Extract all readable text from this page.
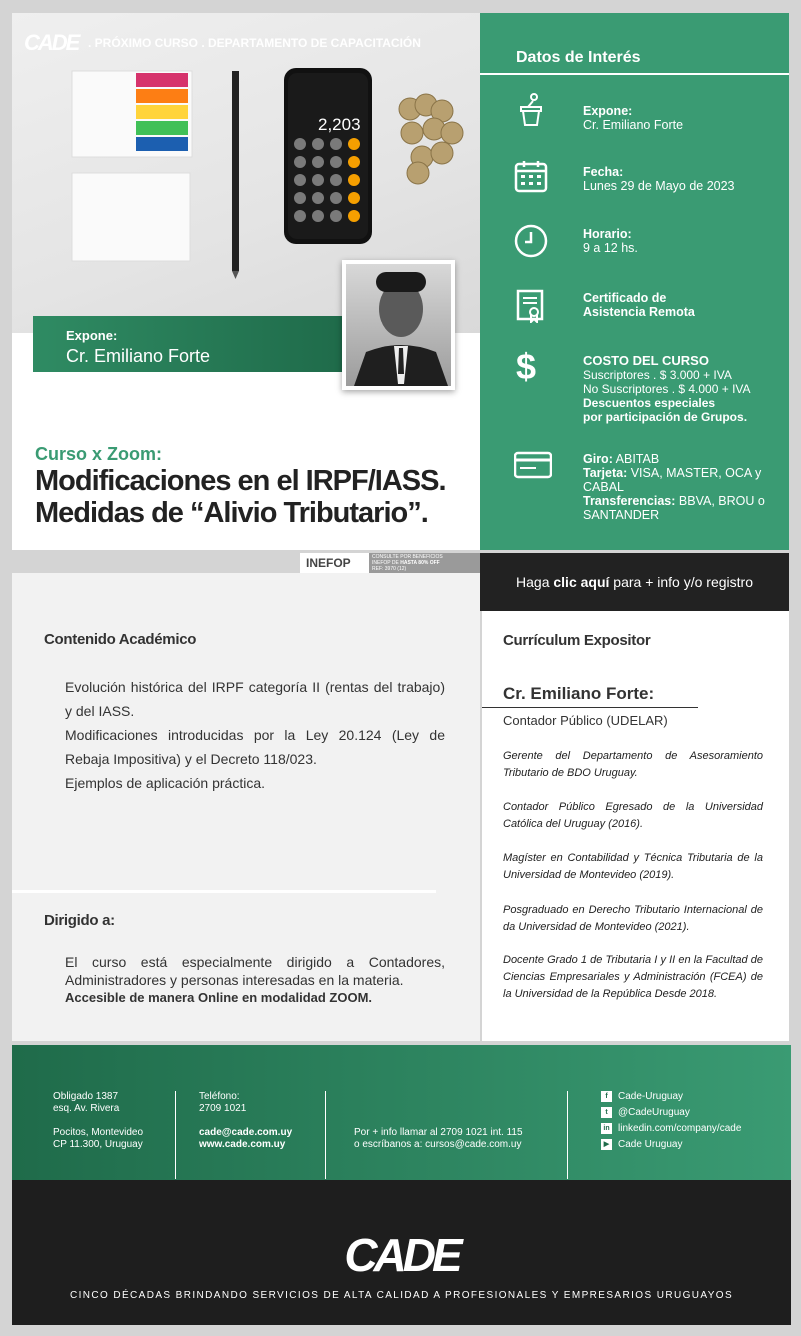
2,203
CADE . PRÓXIMO CURSO . DEPARTAMENTO DE CAPACITACIÓN
Expone:
Cr. Emiliano Forte
Curso x Zoom:
Modificaciones en el IRPF/IASS.
Medidas de “Alivio Tributario”.
Datos de Interés
Expone:
Cr. Emiliano Forte
Fecha:
Lunes 29 de Mayo de 2023
Horario:
9 a 12 hs.
Certificado de
Asistencia Remota
$	COSTO DEL CURSO
Suscriptores . $ 3.000 + IVA
No Suscriptores . $ 4.000 + IVA
Descuentos especiales
por participación de Grupos.
Giro: ABITAB
Tarjeta: VISA, MASTER, OCA y CABAL
Transferencias: BBVA, BROU o SANTANDER
INEFOP	CONSULTE POR BENEFICIOS
INEFOP DE HASTA 80% OFF
REF: 3970 (12)
Haga clic aquí para + info y/o registro
Contenido Académico
Evolución histórica del IRPF categoría II (rentas del trabajo) y del IASS.
Modificaciones introducidas por la Ley 20.124 (Ley de Rebaja Impositiva) y el Decreto 118/023.
Ejemplos de aplicación práctica.
Dirigido a:
El curso está especialmente dirigido a Contadores, Administradores y personas interesadas en la materia.
Accesible de manera Online en modalidad ZOOM.
Currículum Expositor
Cr. Emiliano Forte:
Contador Público (UDELAR)
Gerente del Departamento de Asesoramiento Tributario de BDO Uruguay.
Contador Público Egresado de la Universidad Católica del Uruguay (2016).
Magíster en Contabilidad y Técnica Tributaria de la Universidad de Montevideo (2019).
Posgraduado en Derecho Tributario Internacional de da Universidad de Montevideo (2021).
Docente Grado 1 de Tributaria I y II en la Facultad de Ciencias Empresariales y Administración (FCEA) de la Universidad de la República Desde 2018.
Obligado 1387
esq. Av. Rivera
Pocitos, Montevideo
CP 11.300, Uruguay
Teléfono:
2709 1021
cade@cade.com.uy
www.cade.com.uy
Por + info llamar al 2709 1021 int. 115
o escríbanos a: cursos@cade.com.uy
f Cade-Uruguay
t @CadeUruguay
in linkedin.com/company/cade
▶ Cade Uruguay
CADE
CINCO DÉCADAS BRINDANDO SERVICIOS DE ALTA CALIDAD A PROFESIONALES Y EMPRESARIOS URUGUAYOS
